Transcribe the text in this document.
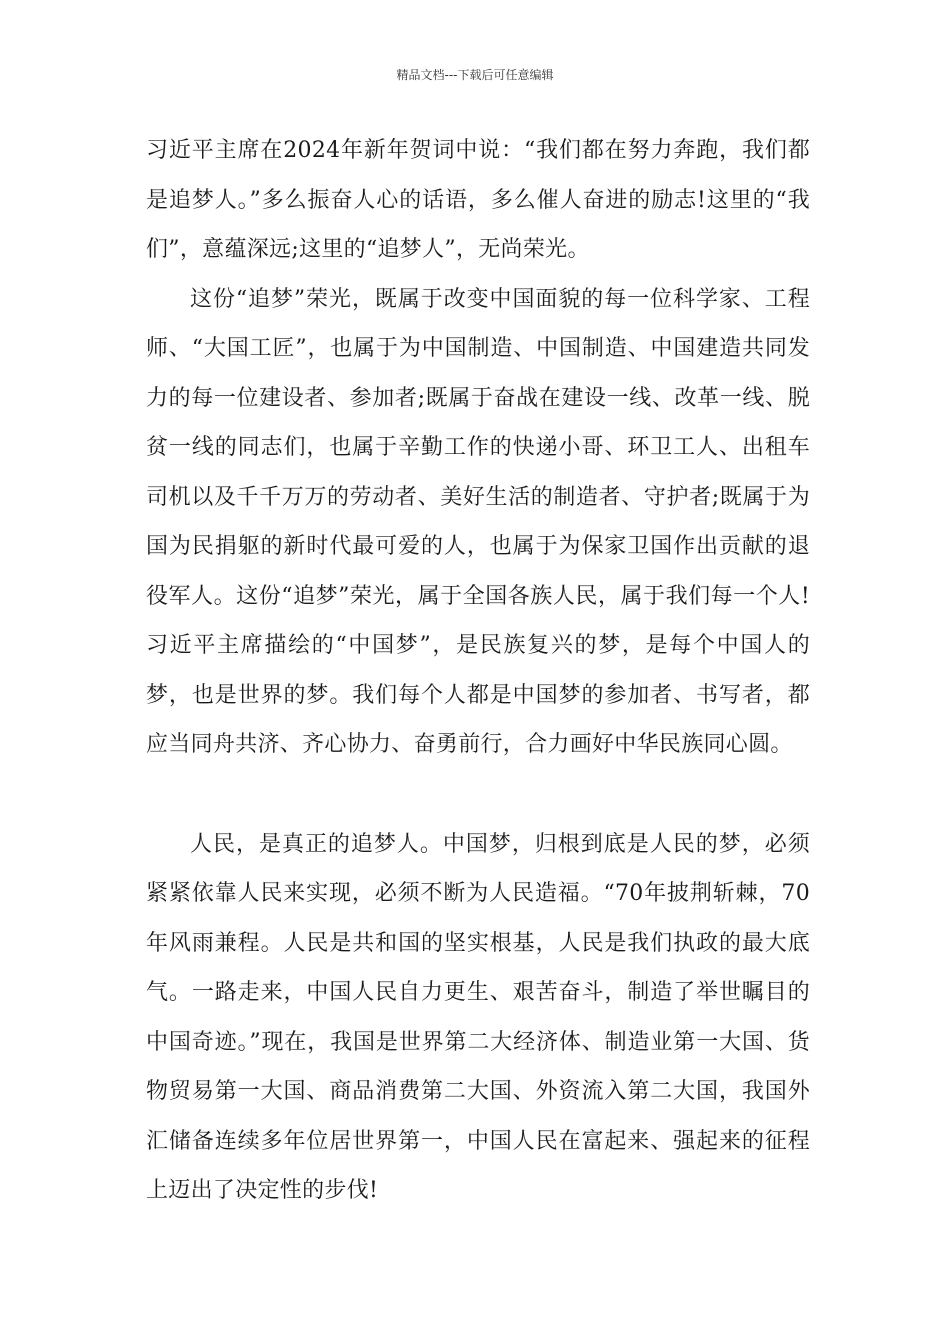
精品文档---下载后可任意编辑

习近平主席在2024年新年贺词中说：“我们都在努力奔跑，我们都是追梦人。”多么振奋人心的话语，多么催人奋进的励志!这里的“我们”，意蕴深远;这里的“追梦人”，无尚荣光。

这份“追梦”荣光，既属于改变中国面貌的每一位科学家、工程师、“大国工匠”，也属于为中国制造、中国制造、中国建造共同发力的每一位建设者、参加者;既属于奋战在建设一线、改革一线、脱贫一线的同志们，也属于辛勤工作的快递小哥、环卫工人、出租车司机以及千千万万的劳动者、美好生活的制造者、守护者;既属于为国为民捐躯的新时代最可爱的人，也属于为保家卫国作出贡献的退役军人。这份“追梦”荣光，属于全国各族人民，属于我们每一个人!习近平主席描绘的“中国梦”，是民族复兴的梦，是每个中国人的梦，也是世界的梦。我们每个人都是中国梦的参加者、书写者，都应当同舟共济、齐心协力、奋勇前行，合力画好中华民族同心圆。

人民，是真正的追梦人。中国梦，归根到底是人民的梦，必须紧紧依靠人民来实现，必须不断为人民造福。“70年披荆斩棘，70年风雨兼程。人民是共和国的坚实根基，人民是我们执政的最大底气。一路走来，中国人民自力更生、艰苦奋斗，制造了举世瞩目的中国奇迹。”现在，我国是世界第二大经济体、制造业第一大国、货物贸易第一大国、商品消费第二大国、外资流入第二大国，我国外汇储备连续多年位居世界第一，中国人民在富起来、强起来的征程上迈出了决定性的步伐!
